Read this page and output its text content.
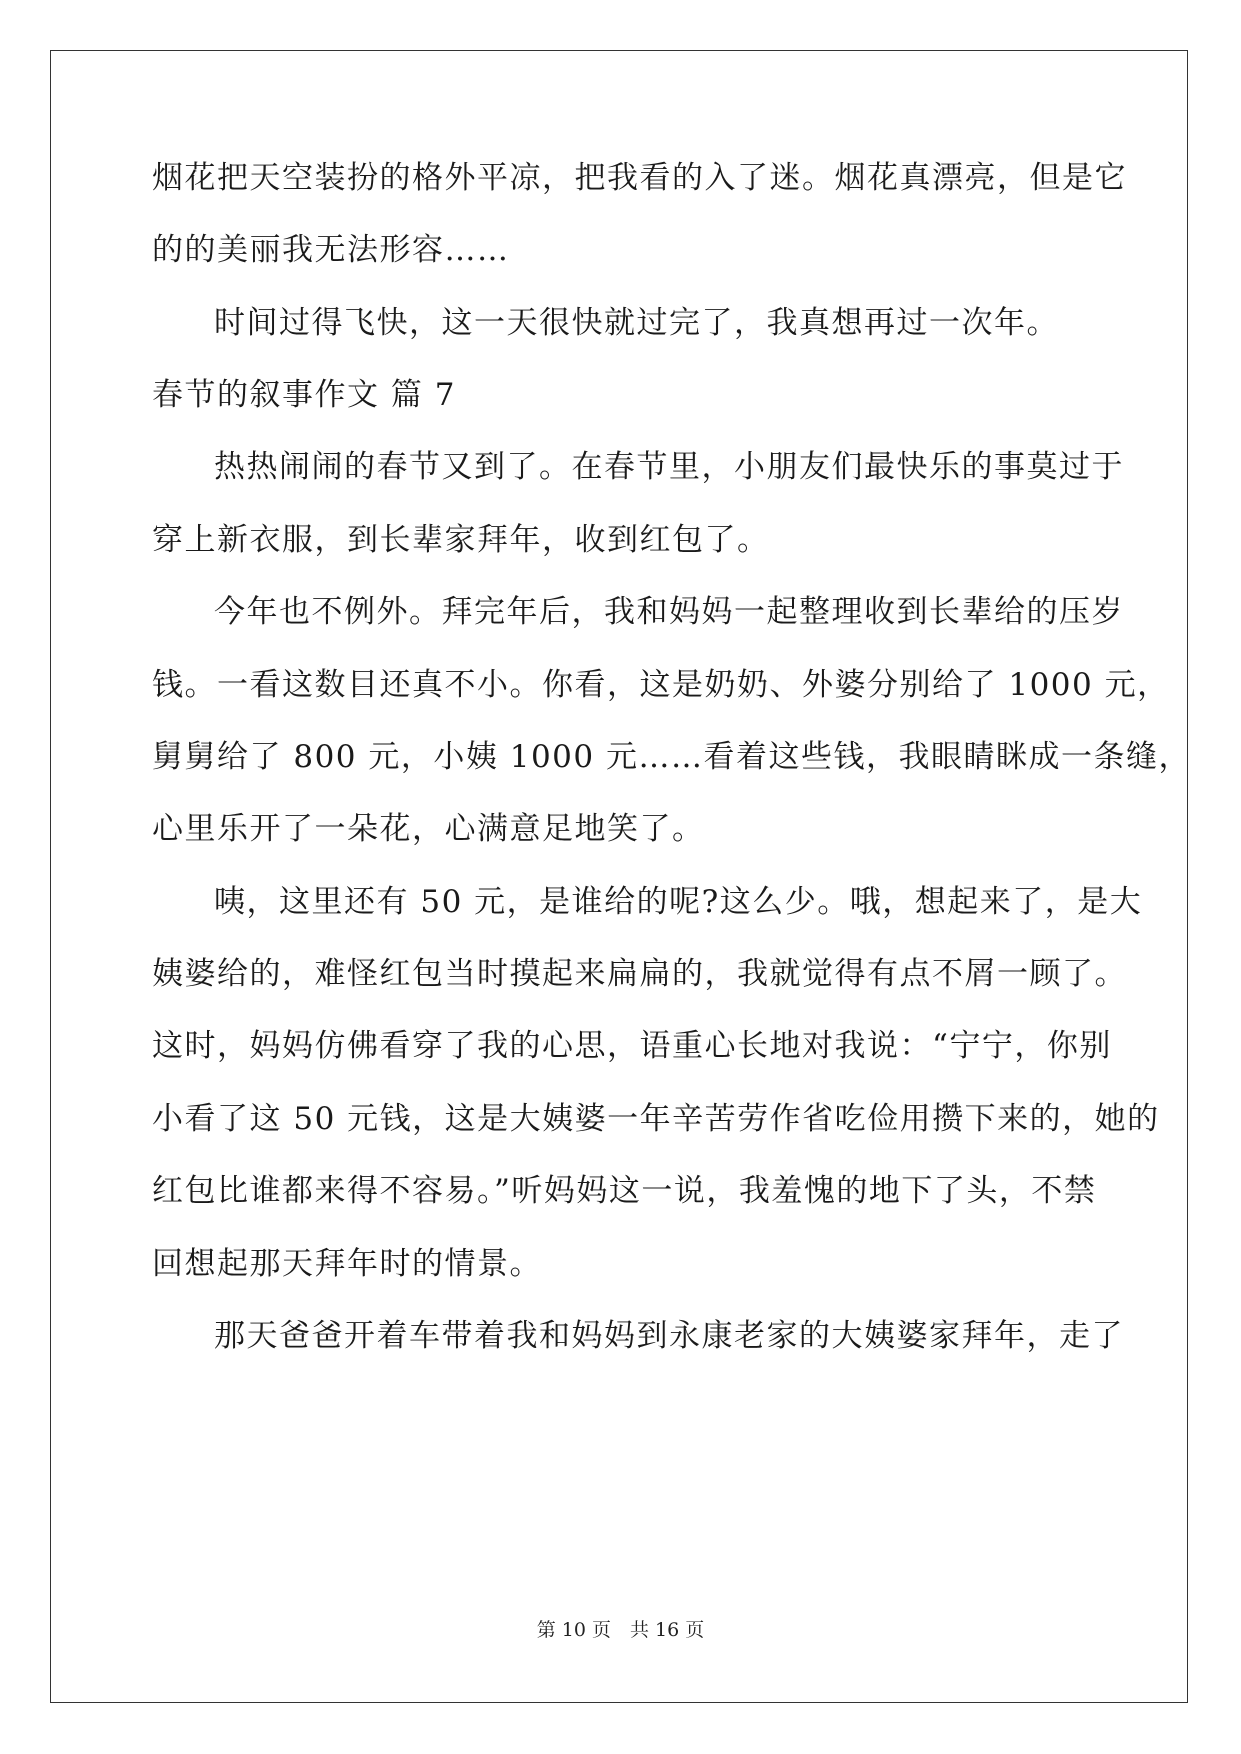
烟花把天空装扮的格外平凉，把我看的入了迷。烟花真漂亮，但是它
的的美丽我无法形容……
时间过得飞快，这一天很快就过完了，我真想再过一次年。
春节的叙事作文 篇 7
热热闹闹的春节又到了。在春节里，小朋友们最快乐的事莫过于
穿上新衣服，到长辈家拜年，收到红包了。
今年也不例外。拜完年后，我和妈妈一起整理收到长辈给的压岁
钱。一看这数目还真不小。你看，这是奶奶、外婆分别给了 1000 元，
舅舅给了 800 元，小姨 1000 元……看着这些钱，我眼睛眯成一条缝，
心里乐开了一朵花，心满意足地笑了。
咦，这里还有 50 元，是谁给的呢?这么少。哦，想起来了，是大
姨婆给的，难怪红包当时摸起来扁扁的，我就觉得有点不屑一顾了。
这时，妈妈仿佛看穿了我的心思，语重心长地对我说：“宁宁，你别
小看了这 50 元钱，这是大姨婆一年辛苦劳作省吃俭用攒下来的，她的
红包比谁都来得不容易。”听妈妈这一说，我羞愧的地下了头，不禁
回想起那天拜年时的情景。
那天爸爸开着车带着我和妈妈到永康老家的大姨婆家拜年，走了
第 10 页　共 16 页
